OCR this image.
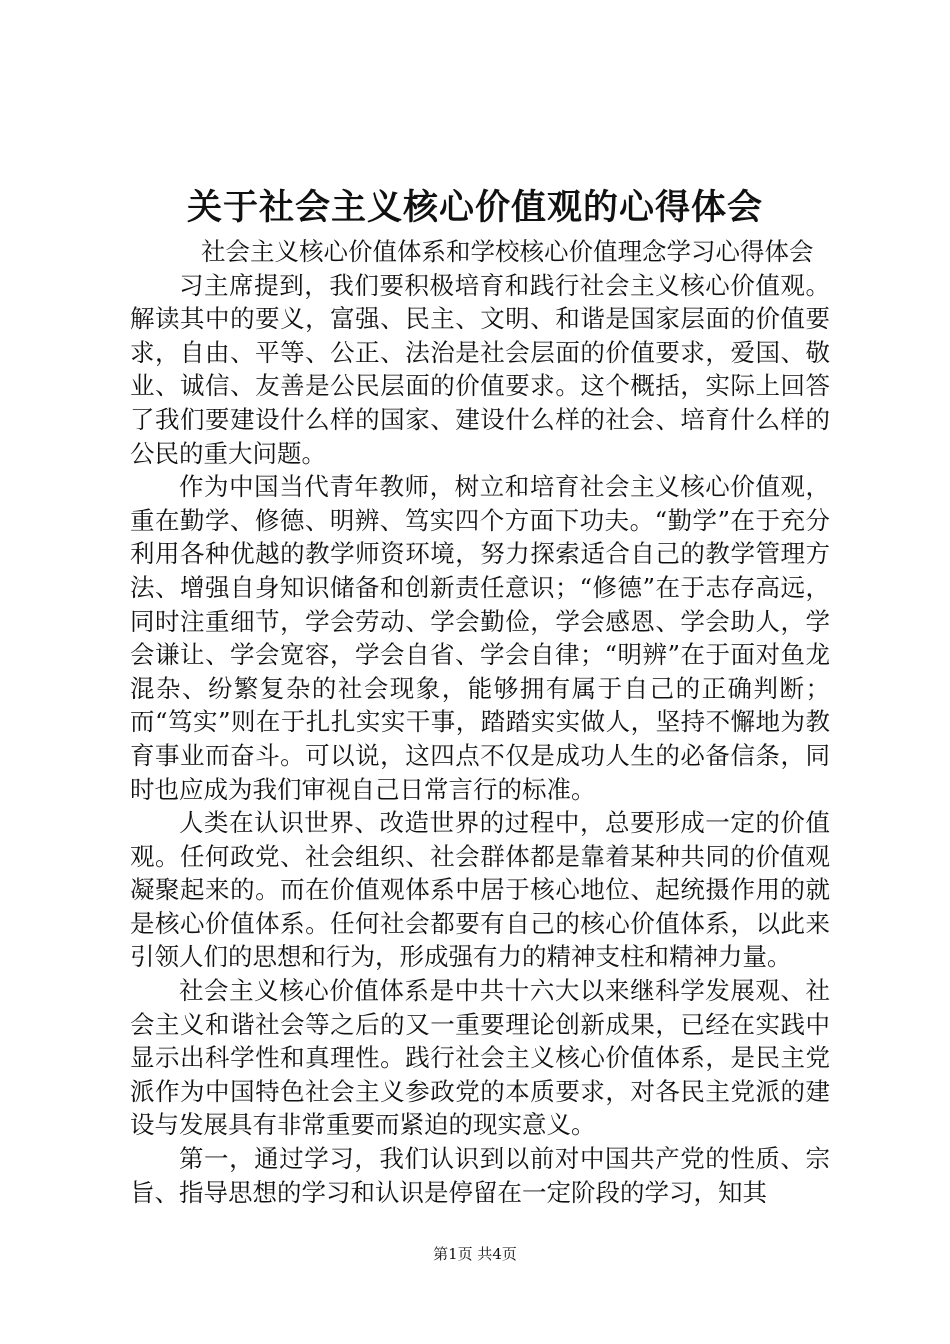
关于社会主义核心价值观的心得体会

社会主义核心价值体系和学校核心价值理念学习心得体会

习主席提到，我们要积极培育和践行社会主义核心价值观。解读其中的要义，富强、民主、文明、和谐是国家层面的价值要求，自由、平等、公正、法治是社会层面的价值要求，爱国、敬业、诚信、友善是公民层面的价值要求。这个概括，实际上回答了我们要建设什么样的国家、建设什么样的社会、培育什么样的公民的重大问题。

作为中国当代青年教师，树立和培育社会主义核心价值观，重在勤学、修德、明辨、笃实四个方面下功夫。“勤学”在于充分利用各种优越的教学师资环境，努力探索适合自己的教学管理方法、增强自身知识储备和创新责任意识；“修德”在于志存高远，同时注重细节，学会劳动、学会勤俭，学会感恩、学会助人，学会谦让、学会宽容，学会自省、学会自律；“明辨”在于面对鱼龙混杂、纷繁复杂的社会现象，能够拥有属于自己的正确判断；而“笃实”则在于扎扎实实干事，踏踏实实做人，坚持不懈地为教育事业而奋斗。可以说，这四点不仅是成功人生的必备信条，同时也应成为我们审视自己日常言行的标准。

人类在认识世界、改造世界的过程中，总要形成一定的价值观。任何政党、社会组织、社会群体都是靠着某种共同的价值观凝聚起来的。而在价值观体系中居于核心地位、起统摄作用的就是核心价值体系。任何社会都要有自己的核心价值体系，以此来引领人们的思想和行为，形成强有力的精神支柱和精神力量。

社会主义核心价值体系是中共十六大以来继科学发展观、社会主义和谐社会等之后的又一重要理论创新成果，已经在实践中显示出科学性和真理性。践行社会主义核心价值体系，是民主党派作为中国特色社会主义参政党的本质要求，对各民主党派的建设与发展具有非常重要而紧迫的现实意义。

第一，通过学习，我们认识到以前对中国共产党的性质、宗旨、指导思想的学习和认识是停留在一定阶段的学习，知其

第1页 共4页
